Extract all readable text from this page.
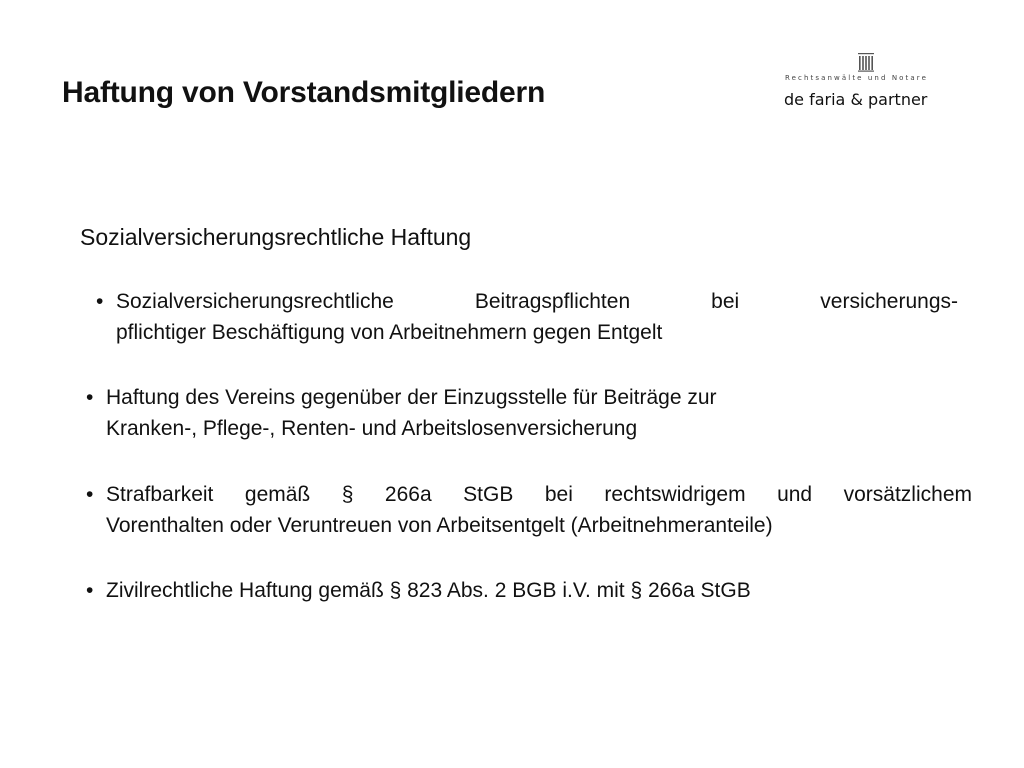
Haftung von Vorstandsmitgliedern	Rechtsanwälte und Notare
de faria & partner
Sozialversicherungsrechtliche Haftung
• Sozialversicherungsrechtliche Beitragspflichten bei versicherungs-
pflichtiger Beschäftigung von Arbeitnehmern gegen Entgelt
• Haftung des Vereins gegenüber der Einzugsstelle für Beiträge zur
Kranken-, Pflege-, Renten- und Arbeitslosenversicherung
• Strafbarkeit gemäß § 266a StGB bei rechtswidrigem und vorsätzlichem
Vorenthalten oder Veruntreuen von Arbeitsentgelt (Arbeitnehmeranteile)
• Zivilrechtliche Haftung gemäß § 823 Abs. 2 BGB i.V. mit § 266a StGB
